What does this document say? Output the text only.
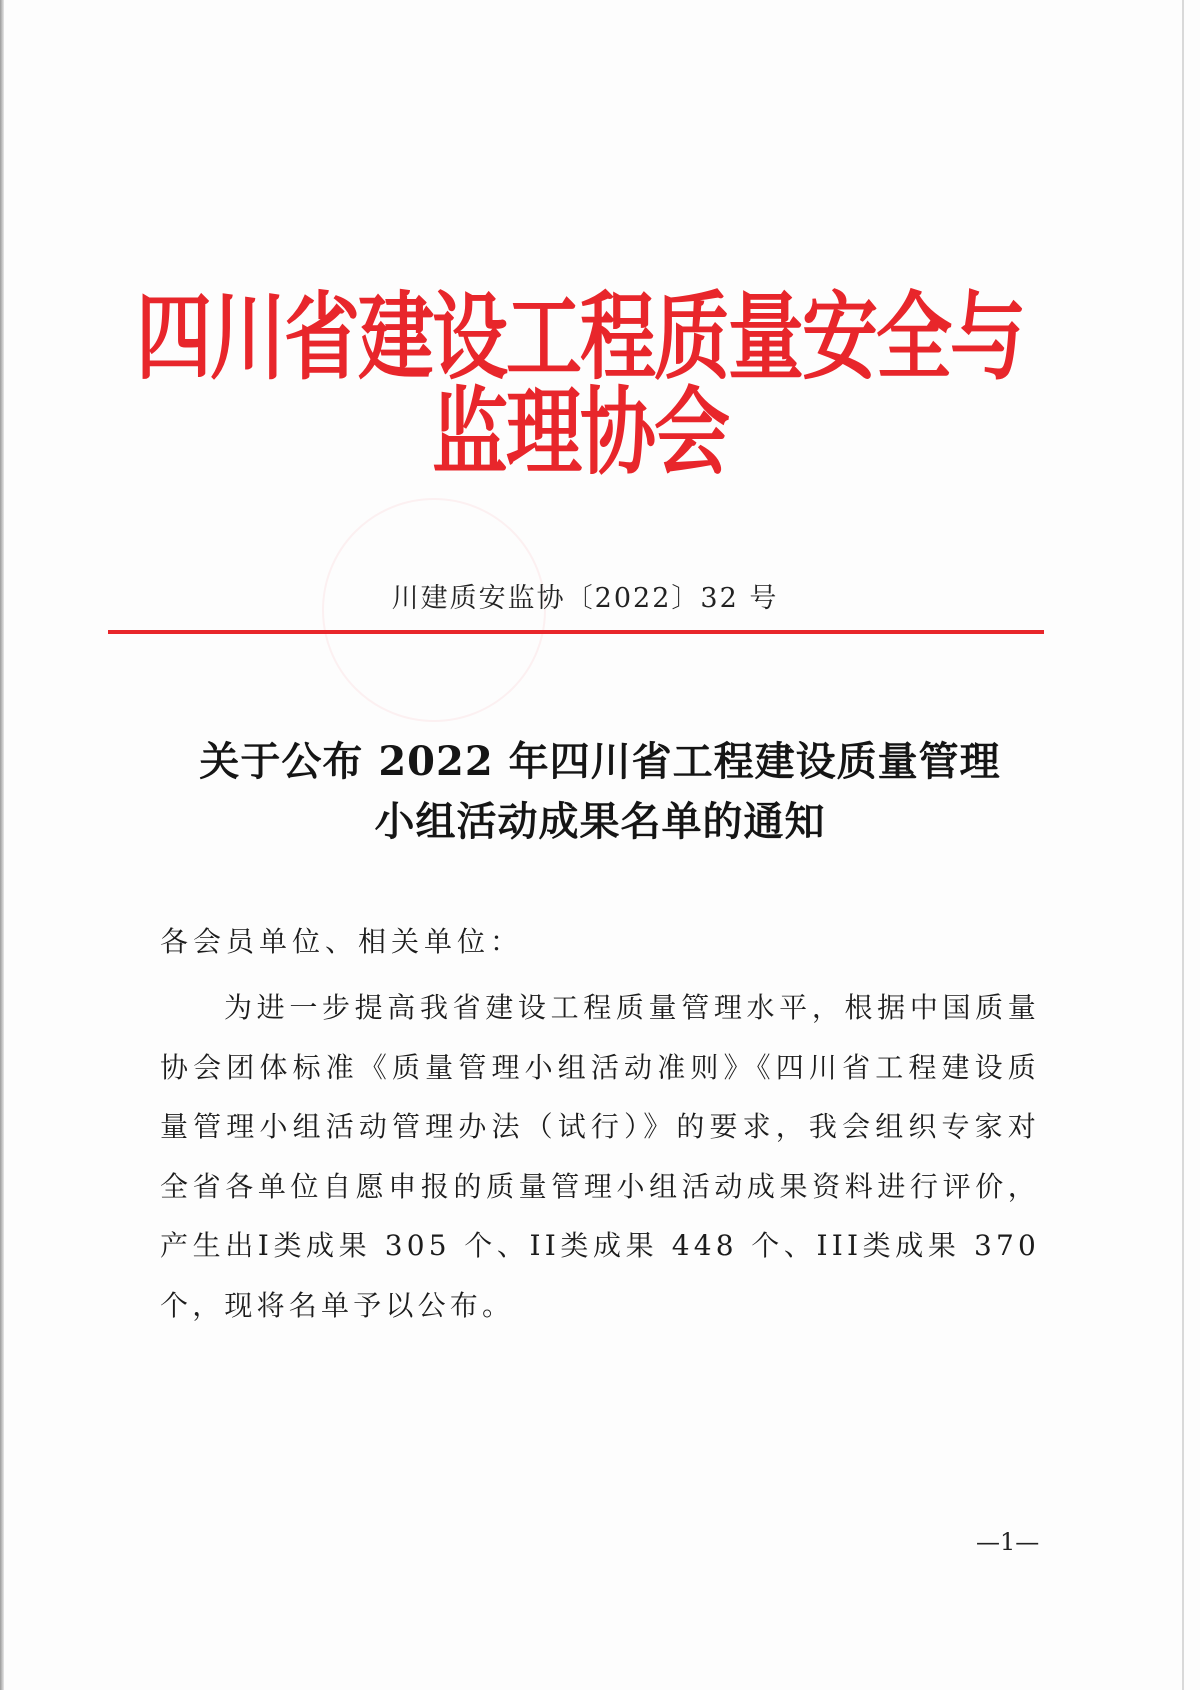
四川省建设工程质量安全与监理协会
川建质安监协〔2022〕32 号
关于公布 2022 年四川省工程建设质量管理
小组活动成果名单的通知
各会员单位、相关单位：
为进一步提高我省建设工程质量管理水平，根据中国质量协会团体标准《质量管理小组活动准则》《四川省工程建设质量管理小组活动管理办法（试行）》的要求，我会组织专家对全省各单位自愿申报的质量管理小组活动成果资料进行评价，产生出I类成果 305 个、II类成果 448 个、III类成果 370 个，现将名单予以公布。
—1—
